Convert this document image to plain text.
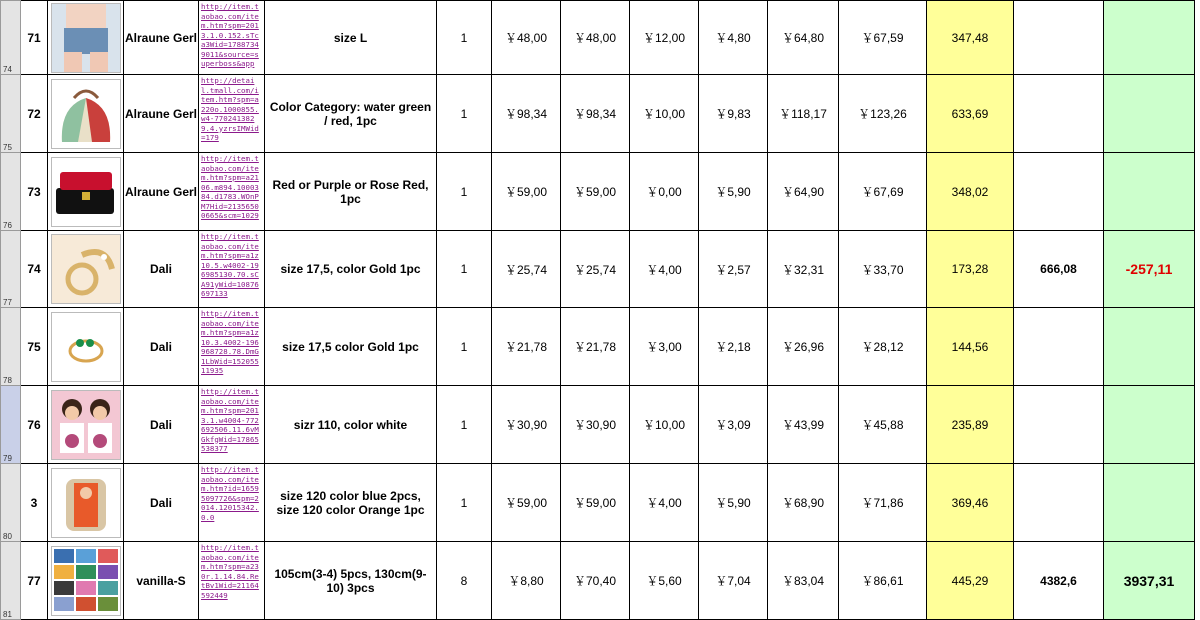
74	71		Alraune Gerl	http://item.taobao.com/item.htm?spm=2013.1.0.152.sTca3Wid=17887349011&source=superboss&app	size L	1	￥48,00	￥48,00	￥12,00	￥4,80	￥64,80	￥67,59	347,48		
75	72		Alraune Gerl	http://detail.tmall.com/item.htm?spm=a220o.1000855.w4-7702413829.4.yzrsIMWid=179	Color Category: water green / red, 1pc	1	￥98,34	￥98,34	￥10,00	￥9,83	￥118,17	￥123,26	633,69		
76	73		Alraune Gerl	http://item.taobao.com/item.htm?spm=a2106.m894.1000384.d1783.WOnPM7Hid=21356500665&scm=1029	Red or Purple or Rose Red, 1pc	1	￥59,00	￥59,00	￥0,00	￥5,90	￥64,90	￥67,69	348,02		
77	74		Dali	http://item.taobao.com/item.htm?spm=a1z10.5.w4002-196985130.70.sCA91yWid=10876697133	size 17,5, color Gold 1pc	1	￥25,74	￥25,74	￥4,00	￥2,57	￥32,31	￥33,70	173,28	666,08	-257,11
78	75		Dali	http://item.taobao.com/item.htm?spm=a1z10.3.4002-196968728.78.DmG1LbWid=15205511935	size 17,5 color Gold 1pc	1	￥21,78	￥21,78	￥3,00	￥2,18	￥26,96	￥28,12	144,56		
79	76		Dali	http://item.taobao.com/item.htm?spm=2013.1.w4004-772692506.11.6vMGkfgWid=17865538377	sizr 110, color white	1	￥30,90	￥30,90	￥10,00	￥3,09	￥43,99	￥45,88	235,89		
80	3		Dali	http://item.taobao.com/item.htm?id=16595097726&spm=2014.12015342.0.0	size 120 color blue 2pcs, size 120 color Orange 1pc	1	￥59,00	￥59,00	￥4,00	￥5,90	￥68,90	￥71,86	369,46		
81	77		vanilla-S	http://item.taobao.com/item.htm?spm=a230r.1.14.84.RetBv1Wid=21164592449	105cm(3-4) 5pcs, 130cm(9-10) 3pcs	8	￥8,80	￥70,40	￥5,60	￥7,04	￥83,04	￥86,61	445,29	4382,6	3937,31
